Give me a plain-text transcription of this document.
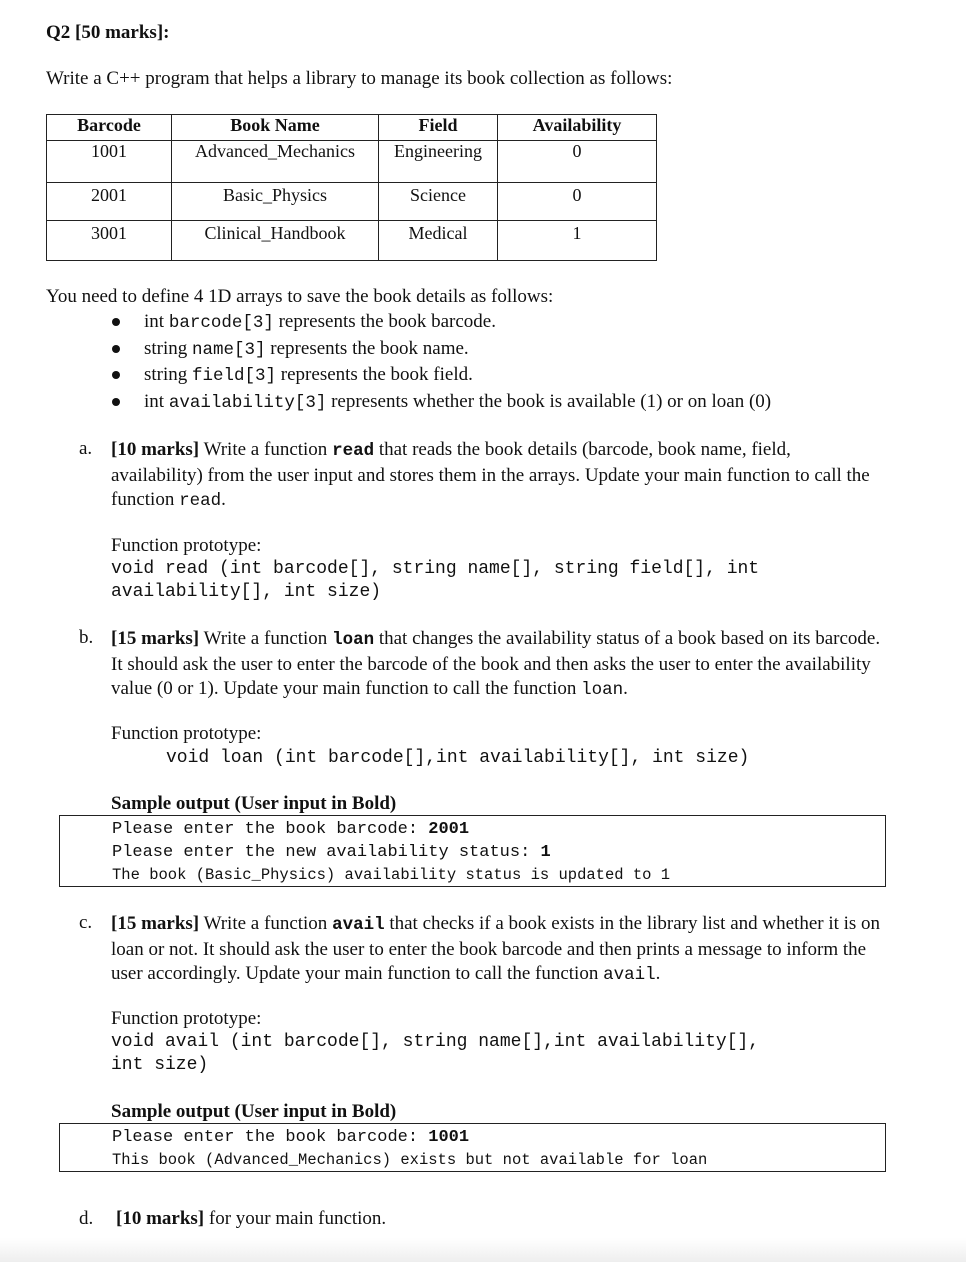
Q2 [50 marks]:
Write a C++ program that helps a library to manage its book collection as follows:
Barcode	Book Name	Field	Availability
1001	Advanced_Mechanics	Engineering	0
2001	Basic_Physics	Science	0
3001	Clinical_Handbook	Medical	1
You need to define 4 1D arrays to save the book details as follows:
int barcode[3] represents the book barcode.
string name[3] represents the book name.
string field[3] represents the book field.
int availability[3] represents whether the book is available (1) or on loan (0)
a. [10 marks] Write a function read that reads the book details (barcode, book name, field, availability) from the user input and stores them in the arrays. Update your main function to call the function read.
Function prototype:
void read (int barcode[], string name[], string field[], int
availability[], int size)
b. [15 marks] Write a function loan that changes the availability status of a book based on its barcode. It should ask the user to enter the barcode of the book and then asks the user to enter the availability value (0 or 1). Update your main function to call the function loan.
Function prototype:
void loan (int barcode[],int availability[], int size)
Sample output (User input in Bold)
Please enter the book barcode: 2001
Please enter the new availability status: 1
The book (Basic_Physics) availability status is updated to 1
c. [15 marks] Write a function avail that checks if a book exists in the library list and whether it is on loan or not. It should ask the user to enter the book barcode and then prints a message to inform the user accordingly. Update your main function to call the function avail.
Function prototype:
void avail (int barcode[], string name[],int availability[],
int size)
Sample output (User input in Bold)
Please enter the book barcode: 1001
This book (Advanced_Mechanics) exists but not available for loan
d.	[10 marks] for your main function.
